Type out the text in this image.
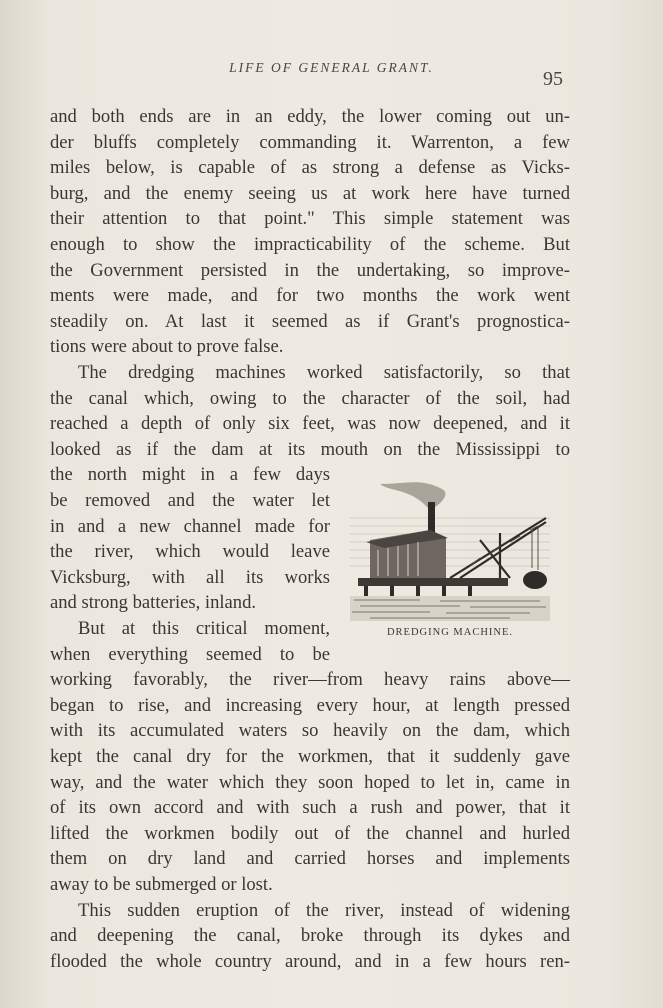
LIFE OF GENERAL GRANT.
95
and both ends are in an eddy, the lower coming out un-
der bluffs completely commanding it. Warrenton, a few
miles below, is capable of as strong a defense as Vicks-
burg, and the enemy seeing us at work here have turned
their attention to that point." This simple statement was
enough to show the impracticability of the scheme. But
the Government persisted in the undertaking, so improve-
ments were made, and for two months the work went
steadily on. At last it seemed as if Grant's prognostica-
tions were about to prove false.
The dredging machines worked satisfactorily, so that
the canal which, owing to the character of the soil, had
reached a depth of only six feet, was now deepened, and it
looked as if the dam at its mouth on the Mississippi to
the north might in a few days
be removed and the water let
in and a new channel made for
the river, which would leave
Vicksburg, with all its works
and strong batteries, inland.
But at this critical moment,
when everything seemed to be
working favorably, the river—from heavy rains above—
began to rise, and increasing every hour, at length pressed
with its accumulated waters so heavily on the dam, which
kept the canal dry for the workmen, that it suddenly gave
way, and the water which they soon hoped to let in, came in
of its own accord and with such a rush and power, that it
lifted the workmen bodily out of the channel and hurled
them on dry land and carried horses and implements
away to be submerged or lost.
This sudden eruption of the river, instead of widening
and deepening the canal, broke through its dykes and
flooded the whole country around, and in a few hours ren-
DREDGING MACHINE.
